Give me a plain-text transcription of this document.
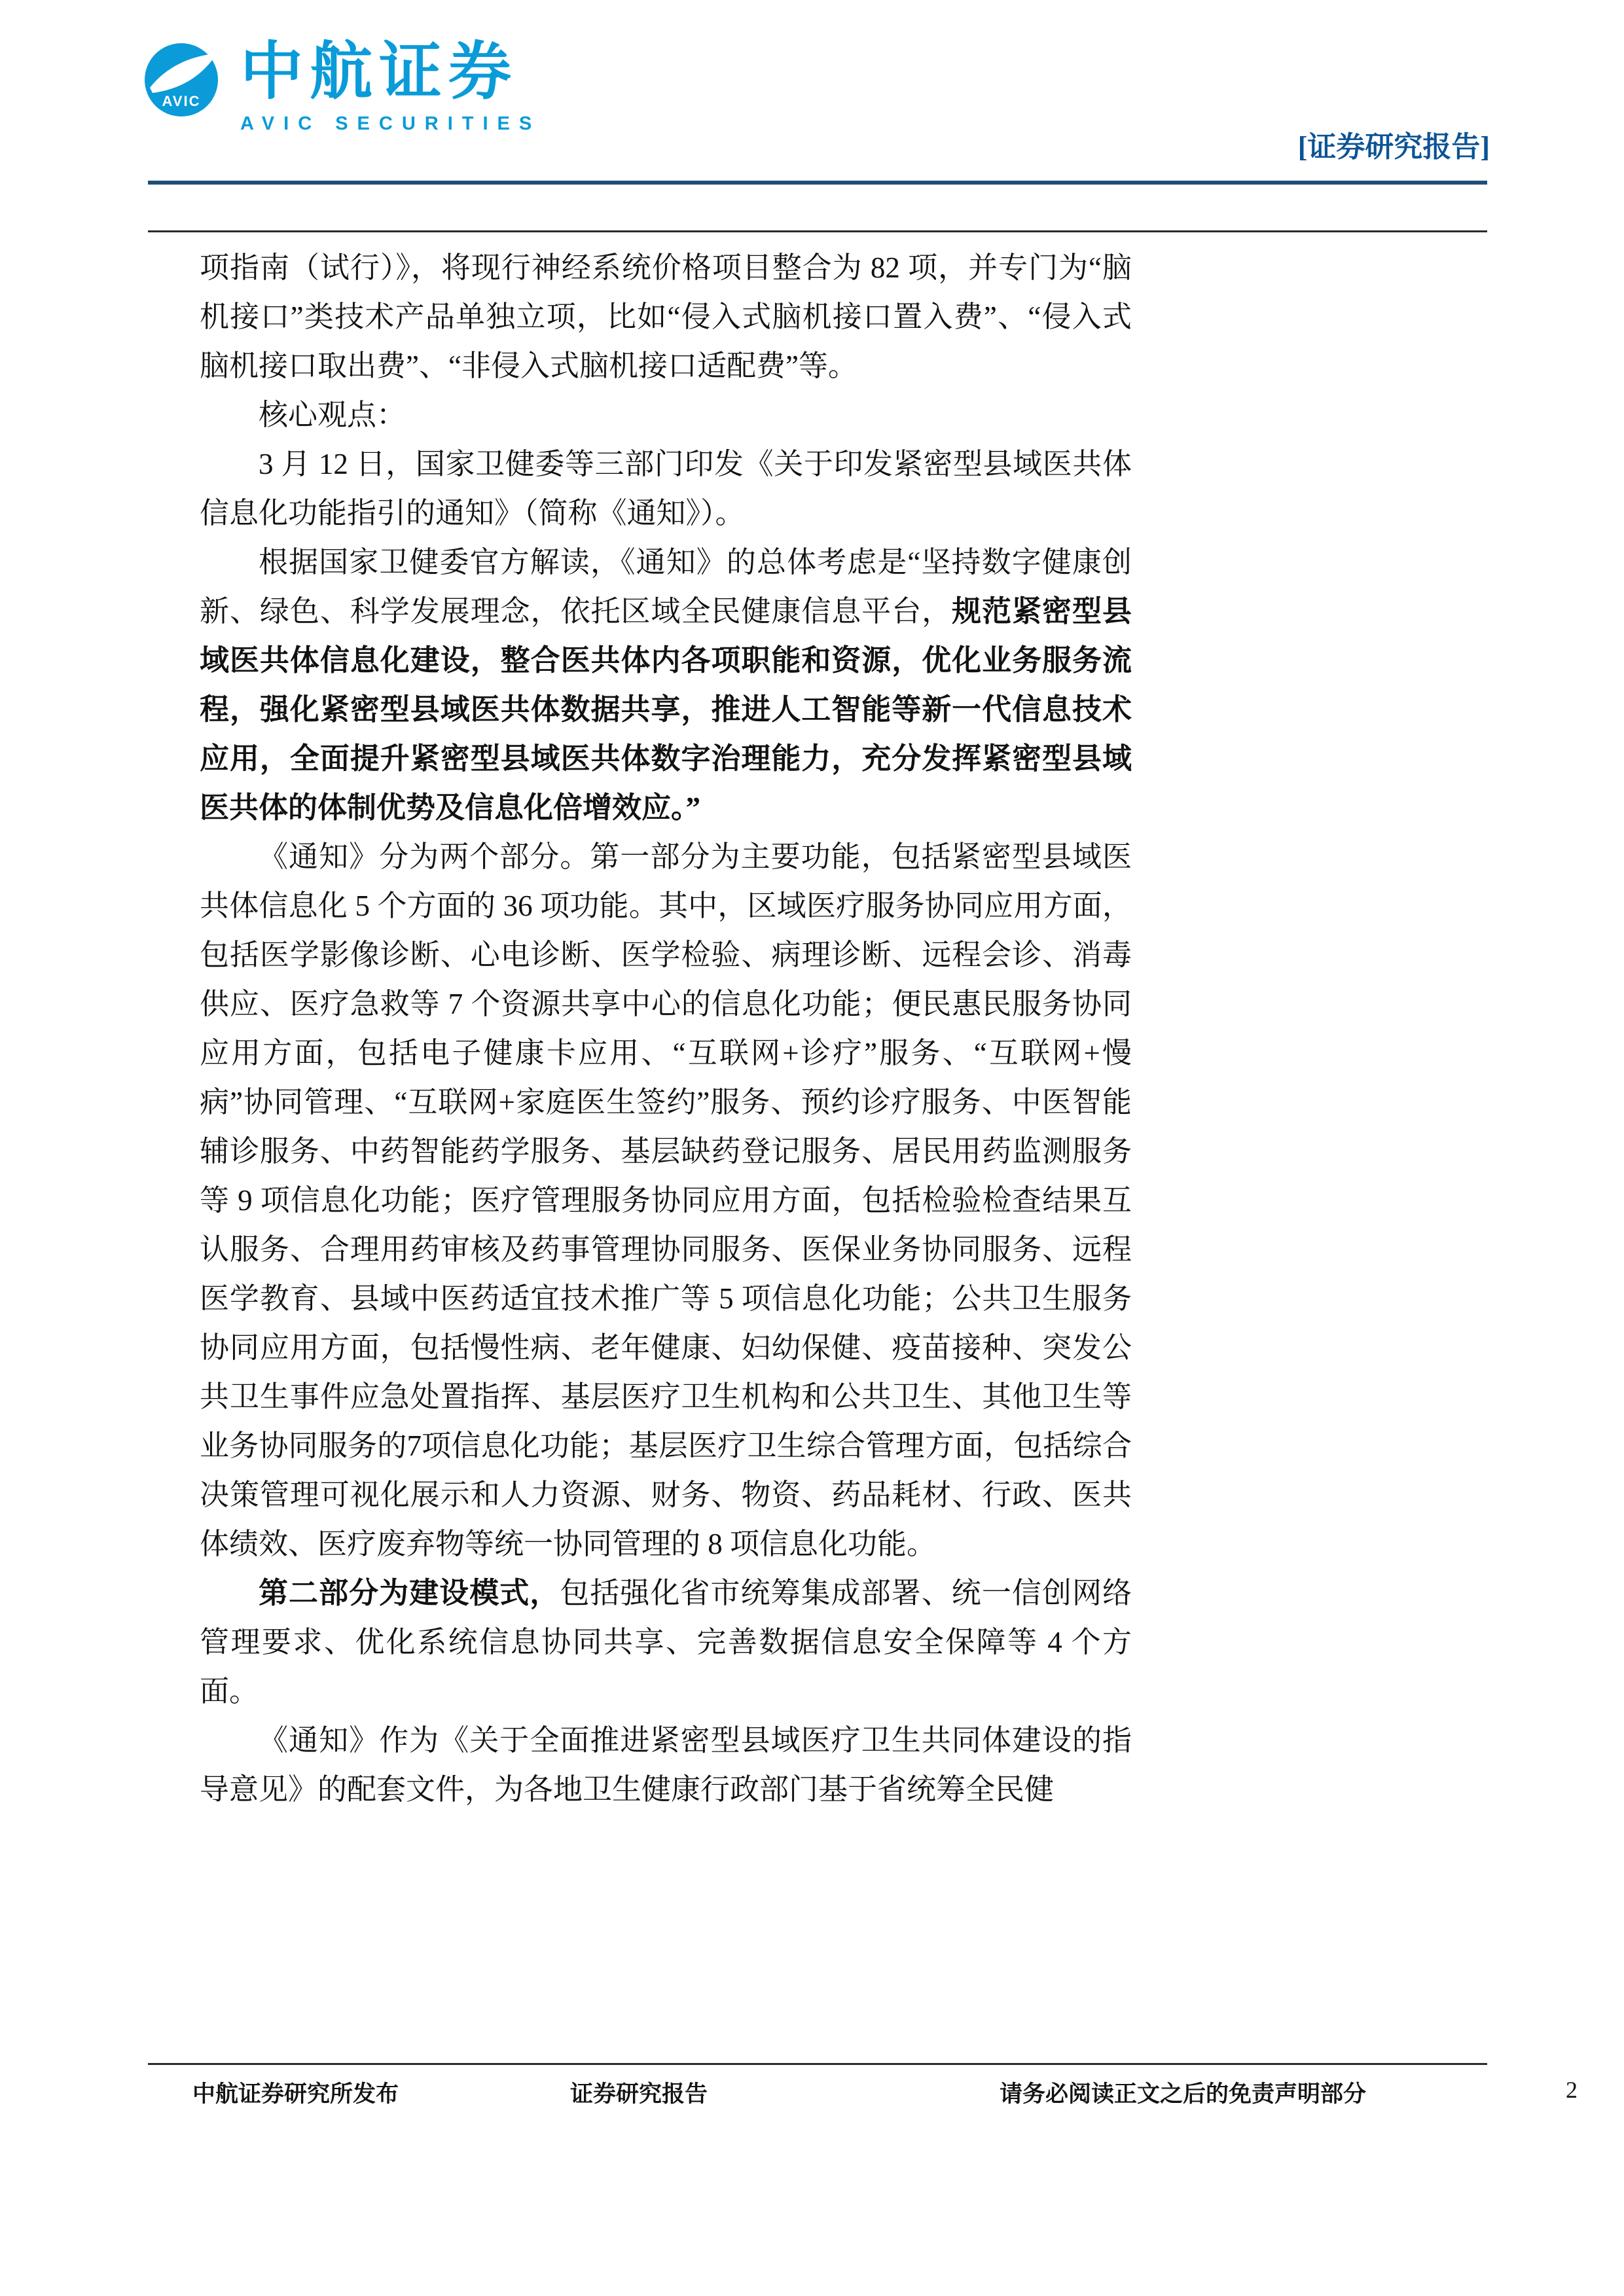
AVIC 中航证券
AVIC SECURITIES
[证券研究报告]

项指南（试行）》，将现行神经系统价格项目整合为 82 项，并专门为“脑机接口”类技术产品单独立项，比如“侵入式脑机接口置入费”、“侵入式脑机接口取出费”、“非侵入式脑机接口适配费”等。

核心观点：

3 月 12 日，国家卫健委等三部门印发《关于印发紧密型县域医共体信息化功能指引的通知》（简称《通知》）。

根据国家卫健委官方解读，《通知》的总体考虑是“坚持数字健康创新、绿色、科学发展理念，依托区域全民健康信息平台，规范紧密型县域医共体信息化建设，整合医共体内各项职能和资源，优化业务服务流程，强化紧密型县域医共体数据共享，推进人工智能等新一代信息技术应用，全面提升紧密型县域医共体数字治理能力，充分发挥紧密型县域医共体的体制优势及信息化倍增效应。”

《通知》分为两个部分。第一部分为主要功能，包括紧密型县域医共体信息化 5 个方面的 36 项功能。其中，区域医疗服务协同应用方面，包括医学影像诊断、心电诊断、医学检验、病理诊断、远程会诊、消毒供应、医疗急救等 7 个资源共享中心的信息化功能；便民惠民服务协同应用方面，包括电子健康卡应用、“互联网+诊疗”服务、“互联网+慢病”协同管理、“互联网+家庭医生签约”服务、预约诊疗服务、中医智能辅诊服务、中药智能药学服务、基层缺药登记服务、居民用药监测服务等 9 项信息化功能；医疗管理服务协同应用方面，包括检验检查结果互认服务、合理用药审核及药事管理协同服务、医保业务协同服务、远程医学教育、县域中医药适宜技术推广等 5 项信息化功能；公共卫生服务协同应用方面，包括慢性病、老年健康、妇幼保健、疫苗接种、突发公共卫生事件应急处置指挥、基层医疗卫生机构和公共卫生、其他卫生等业务协同服务的7项信息化功能；基层医疗卫生综合管理方面，包括综合决策管理可视化展示和人力资源、财务、物资、药品耗材、行政、医共体绩效、医疗废弃物等统一协同管理的 8 项信息化功能。

第二部分为建设模式，包括强化省市统筹集成部署、统一信创网络管理要求、优化系统信息协同共享、完善数据信息安全保障等 4 个方面。

《通知》作为《关于全面推进紧密型县域医疗卫生共同体建设的指导意见》的配套文件，为各地卫生健康行政部门基于省统筹全民健

中航证券研究所发布	证券研究报告	请务必阅读正文之后的免责声明部分	2
